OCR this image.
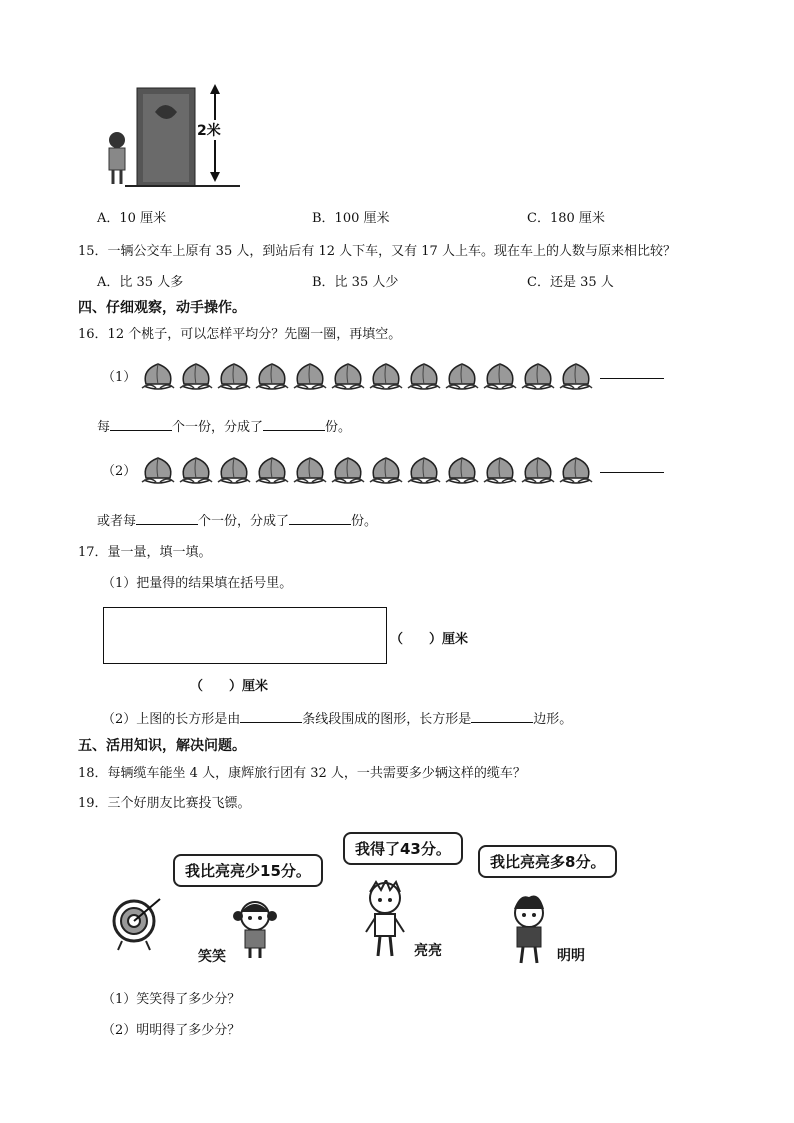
2米
A．10 厘米	B．100 厘米	C．180 厘米
15．一辆公交车上原有 35 人，到站后有 12 人下车，又有 17 人上车。现在车上的人数与原来相比较？
A．比 35 人多	B．比 35 人少	C．还是 35 人
四、仔细观察，动手操作。
16．12 个桃子，可以怎样平均分？先圈一圈，再填空。
（1）
每	个一份，分成了	份。
（2）
或者每	个一份，分成了	份。
17．量一量，填一填。
（1）把量得的结果填在括号里。
（　　）厘米
（　　）厘米
（2）上图的长方形是由	条线段围成的图形，长方形是	边形。
五、活用知识，解决问题。
18．每辆缆车能坐 4 人，康辉旅行团有 32 人，一共需要多少辆这样的缆车？
19．三个好朋友比赛投飞镖。
我比亮亮少15分。
我得了43分。
我比亮亮多8分。
笑笑	亮亮	明明
（1）笑笑得了多少分？
（2）明明得了多少分？
